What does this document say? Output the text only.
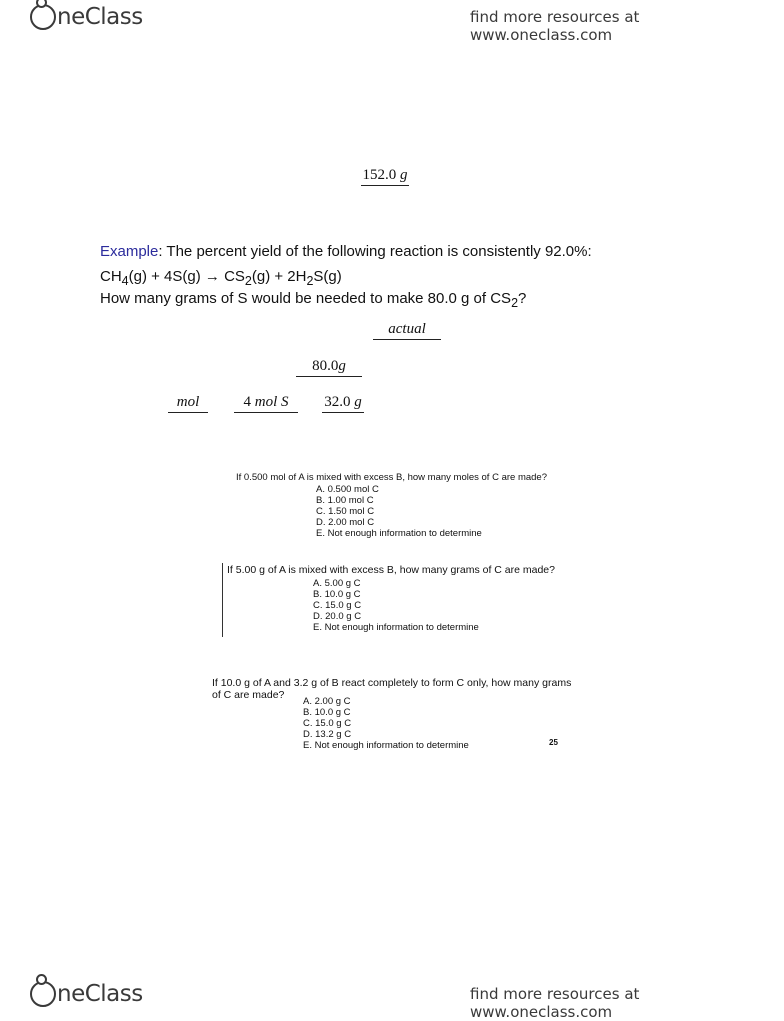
neClass	find more resources at www.oneclass.com
152.0 g
Example: The percent yield of the following reaction is consistently 92.0%:
$CH_4(g) + 4S(g) \to CS_2(g) + 2H_2S(g)$
How many grams of S would be needed to make 80.0 g of $CS_2$?
actual
80.0g
mol	4 mol S	32.0 g
If 0.500 mol of A is mixed with excess B, how many moles of C are made?
A. 0.500 mol C
B. 1.00 mol C
C. 1.50 mol C
D. 2.00 mol C
E. Not enough information to determine
If 5.00 g of A is mixed with excess B, how many grams of C are made?
A. 5.00 g C
B. 10.0 g C
C. 15.0 g C
D. 20.0 g C
E. Not enough information to determine
If 10.0 g of A and 3.2 g of B react completely to form C only, how many grams
of C are made?
A. 2.00 g C
B. 10.0 g C
C. 15.0 g C
D. 13.2 g C
E. Not enough information to determine	25
neClass	find more resources at www.oneclass.com
